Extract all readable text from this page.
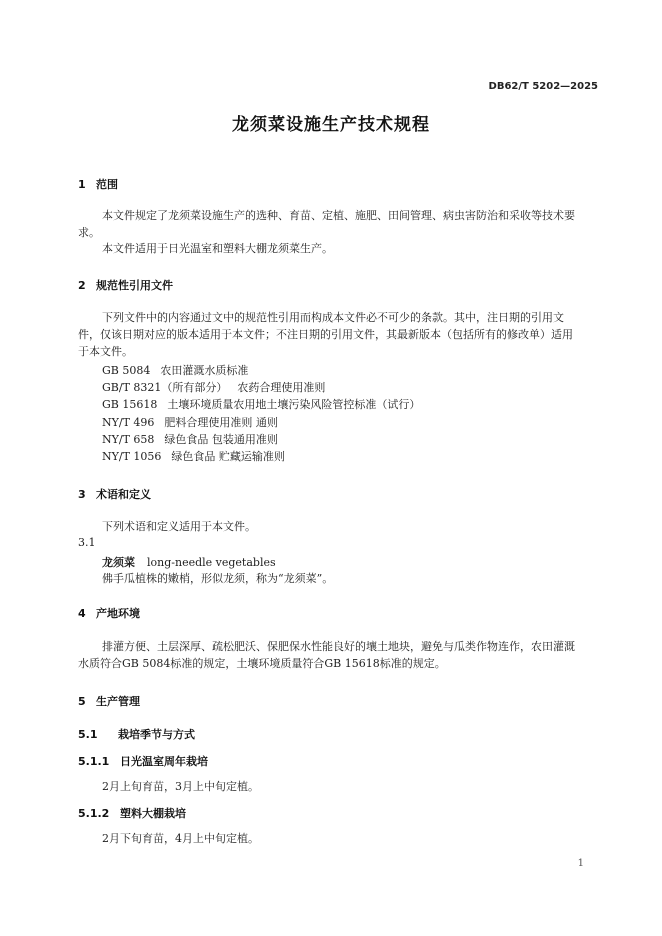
DB62/T 5202—2025
龙须菜设施生产技术规程
1 范围
本文件规定了龙须菜设施生产的选种、育苗、定植、施肥、田间管理、病虫害防治和采收等技术要
求。
本文件适用于日光温室和塑料大棚龙须菜生产。
2 规范性引用文件
下列文件中的内容通过文中的规范性引用而构成本文件必不可少的条款。其中，注日期的引用文
件，仅该日期对应的版本适用于本文件；不注日期的引用文件，其最新版本（包括所有的修改单）适用
于本文件。
GB 5084 农田灌溉水质标准
GB/T 8321（所有部分） 农药合理使用准则
GB 15618 土壤环境质量农用地土壤污染风险管控标准（试行）
NY/T 496 肥料合理使用准则 通则
NY/T 658 绿色食品 包装通用准则
NY/T 1056 绿色食品 贮藏运输准则
3 术语和定义
下列术语和定义适用于本文件。
3.1
龙须菜 long-needle vegetables
佛手瓜植株的嫩梢，形似龙须，称为“龙须菜”。
4 产地环境
排灌方便、土层深厚、疏松肥沃、保肥保水性能良好的壤土地块，避免与瓜类作物连作，农田灌溉
水质符合GB 5084标准的规定，土壤环境质量符合GB 15618标准的规定。
5 生产管理
5.1 栽培季节与方式
5.1.1 日光温室周年栽培
2月上旬育苗，3月上中旬定植。
5.1.2 塑料大棚栽培
2月下旬育苗，4月上中旬定植。
1
